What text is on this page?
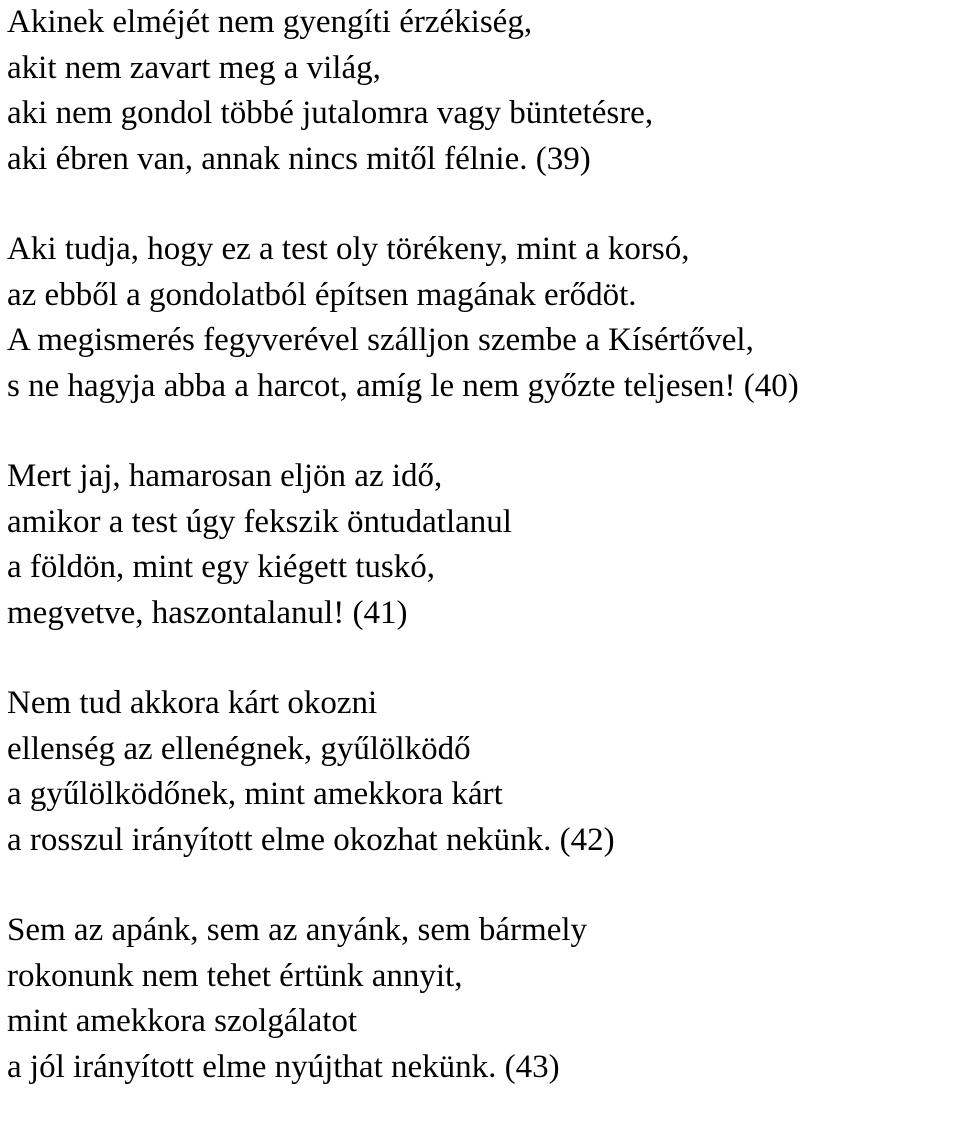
Akinek elméjét nem gyengíti érzékiség,
akit nem zavart meg a világ,
aki nem gondol többé jutalomra vagy büntetésre,
aki ébren van, annak nincs mitől félnie. (39)
Aki tudja, hogy ez a test oly törékeny, mint a korsó,
az ebből a gondolatból építsen magának erődöt.
A megismerés fegyverével szálljon szembe a Kísértővel,
s ne hagyja abba a harcot, amíg le nem győzte teljesen! (40)
Mert jaj, hamarosan eljön az idő,
amikor a test úgy fekszik öntudatlanul
a földön, mint egy kiégett tuskó,
megvetve, haszontalanul! (41)
Nem tud akkora kárt okozni
ellenség az ellenégnek, gyűlölködő
a gyűlölködőnek, mint amekkora kárt
a rosszul irányított elme okozhat nekünk. (42)
Sem az apánk, sem az anyánk, sem bármely
rokonunk nem tehet értünk annyit,
mint amekkora szolgálatot
a jól irányított elme nyújthat nekünk. (43)
